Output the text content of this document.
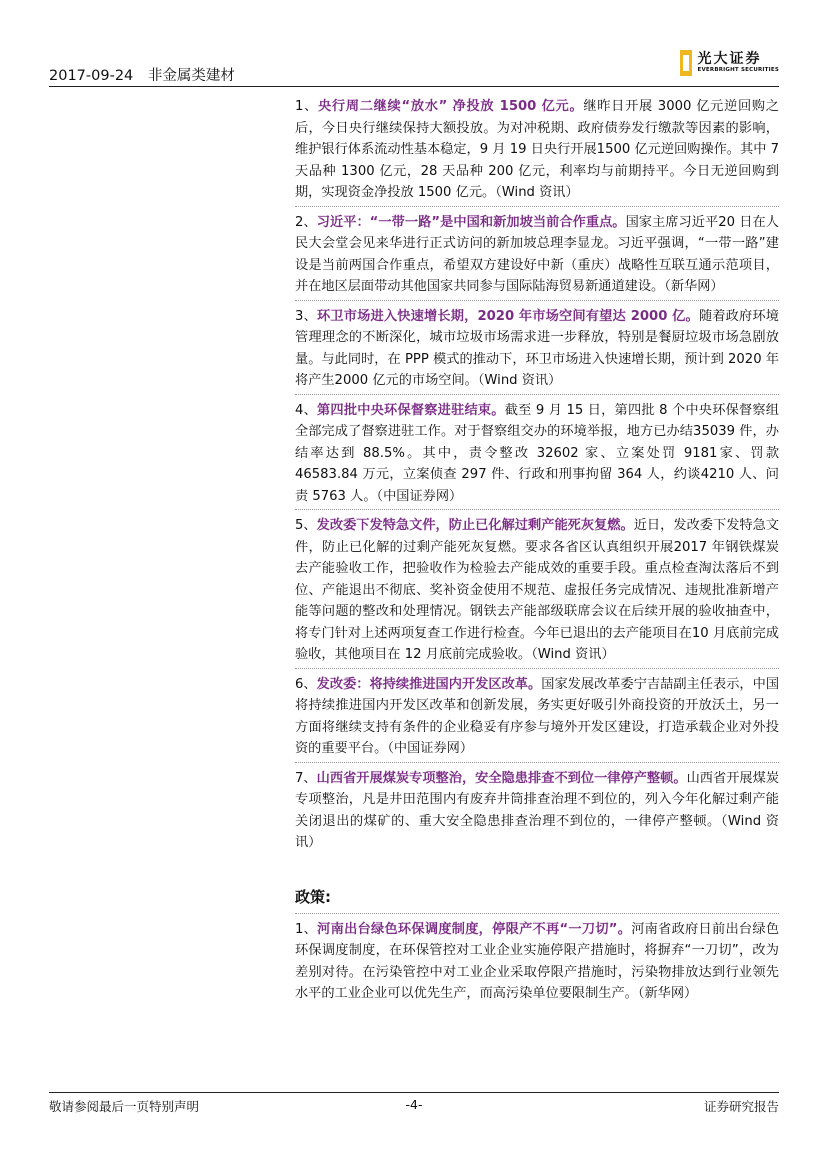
2017-09-24 非金属类建材
光大证券
EVERBRIGHT SECURITIES

1、央行周二继续“放水” 净投放 1500 亿元。继昨日开展 3000 亿元逆回购之后，今日央行继续保持大额投放。为对冲税期、政府债券发行缴款等因素的影响，维护银行体系流动性基本稳定，9 月 19 日央行开展1500 亿元逆回购操作。其中 7 天品种 1300 亿元，28 天品种 200 亿元，利率均与前期持平。今日无逆回购到期，实现资金净投放 1500 亿元。（Wind 资讯）

2、习近平：“一带一路”是中国和新加坡当前合作重点。国家主席习近平20 日在人民大会堂会见来华进行正式访问的新加坡总理李显龙。习近平强调，“一带一路”建设是当前两国合作重点，希望双方建设好中新（重庆）战略性互联互通示范项目，并在地区层面带动其他国家共同参与国际陆海贸易新通道建设。（新华网）

3、环卫市场进入快速增长期，2020 年市场空间有望达 2000 亿。随着政府环境管理理念的不断深化，城市垃圾市场需求进一步释放，特别是餐厨垃圾市场急剧放量。与此同时，在 PPP 模式的推动下，环卫市场进入快速增长期，预计到 2020 年将产生2000 亿元的市场空间。（Wind 资讯）

4、第四批中央环保督察进驻结束。截至 9 月 15 日，第四批 8 个中央环保督察组全部完成了督察进驻工作。对于督察组交办的环境举报，地方已办结35039 件，办结率达到 88.5%。其中，责令整改 32602 家、立案处罚 9181家、罚款 46583.84 万元，立案侦查 297 件、行政和刑事拘留 364 人，约谈4210 人、问责 5763 人。（中国证券网）

5、发改委下发特急文件，防止已化解过剩产能死灰复燃。近日，发改委下发特急文件，防止已化解的过剩产能死灰复燃。要求各省区认真组织开展2017 年钢铁煤炭去产能验收工作，把验收作为检验去产能成效的重要手段。重点检查淘汰落后不到位、产能退出不彻底、奖补资金使用不规范、虚报任务完成情况、违规批准新增产能等问题的整改和处理情况。钢铁去产能部级联席会议在后续开展的验收抽查中，将专门针对上述两项复查工作进行检查。今年已退出的去产能项目在10 月底前完成验收，其他项目在 12 月底前完成验收。（Wind 资讯）

6、发改委：将持续推进国内开发区改革。国家发展改革委宁吉喆副主任表示，中国将持续推进国内开发区改革和创新发展，务实更好吸引外商投资的开放沃土，另一方面将继续支持有条件的企业稳妥有序参与境外开发区建设，打造承载企业对外投资的重要平台。（中国证券网）

7、山西省开展煤炭专项整治，安全隐患排查不到位一律停产整顿。山西省开展煤炭专项整治，凡是井田范围内有废弃井筒排查治理不到位的，列入今年化解过剩产能关闭退出的煤矿的、重大安全隐患排查治理不到位的，一律停产整顿。（Wind 资讯）

政策:

1、河南出台绿色环保调度制度，停限产不再“一刀切”。河南省政府日前出台绿色环保调度制度，在环保管控对工业企业实施停限产措施时，将摒弃“一刀切”，改为差别对待。在污染管控中对工业企业采取停限产措施时，污染物排放达到行业领先水平的工业企业可以优先生产，而高污染单位要限制生产。（新华网）

敬请参阅最后一页特别声明	-4-	证券研究报告
